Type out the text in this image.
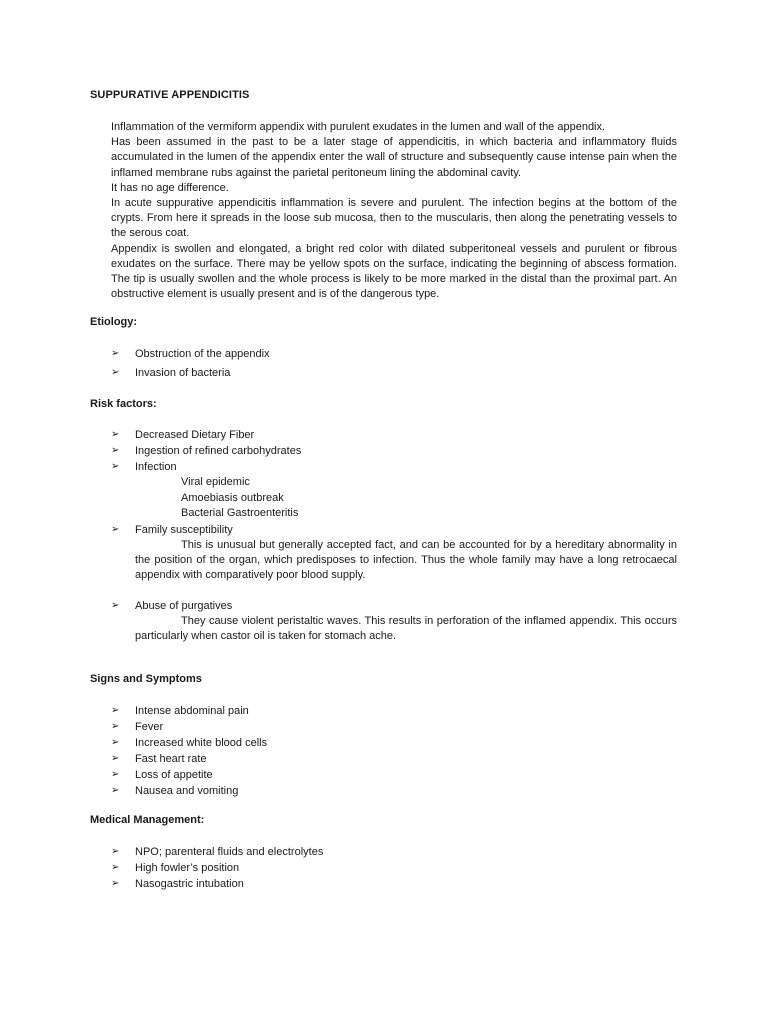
SUPPURATIVE APPENDICITIS

Inflammation of the vermiform appendix with purulent exudates in the lumen and wall of the appendix.

Has been assumed in the past to be a later stage of appendicitis, in which bacteria and inflammatory fluids accumulated in the lumen of the appendix enter the wall of structure and subsequently cause intense pain when the inflamed membrane rubs against the parietal peritoneum lining the abdominal cavity.

It has no age difference.

In acute suppurative appendicitis inflammation is severe and purulent. The infection begins at the bottom of the crypts. From here it spreads in the loose sub mucosa, then to the muscularis, then along the penetrating vessels to the serous coat.

Appendix is swollen and elongated, a bright red color with dilated subperitoneal vessels and purulent or fibrous exudates on the surface. There may be yellow spots on the surface, indicating the beginning of abscess formation. The tip is usually swollen and the whole process is likely to be more marked in the distal than the proximal part. An obstructive element is usually present and is of the dangerous type.

Etiology:
➢ Obstruction of the appendix
➢ Invasion of bacteria
Risk factors:
➢ Decreased Dietary Fiber
➢ Ingestion of refined carbohydrates
➢ Infection
Viral epidemic
Amoebiasis outbreak
Bacterial Gastroenteritis
➢ Family susceptibility

This is unusual but generally accepted fact, and can be accounted for by a hereditary abnormality in the position of the organ, which predisposes to infection. Thus the whole family may have a long retrocaecal appendix with comparatively poor blood supply.

➢ Abuse of purgatives

They cause violent peristaltic waves. This results in perforation of the inflamed appendix. This occurs particularly when castor oil is taken for stomach ache.

Signs and Symptoms
➢ Intense abdominal pain
➢ Fever
➢ Increased white blood cells
➢ Fast heart rate
➢ Loss of appetite
➢ Nausea and vomiting
Medical Management:
➢ NPO; parenteral fluids and electrolytes
➢ High fowler’s position
➢ Nasogastric intubation
